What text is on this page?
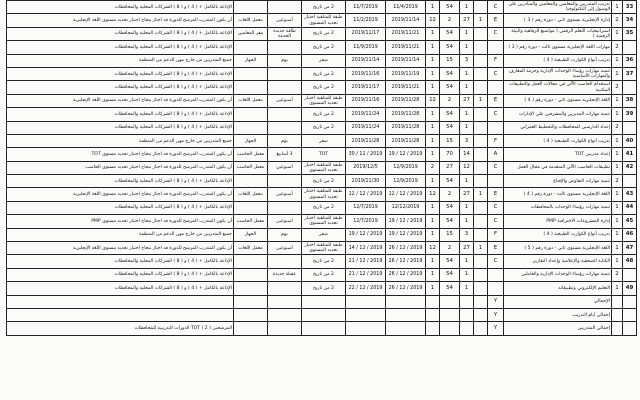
33	1	تدريب المتدربين والمعلمين والمعلمين والمبادرين على الوصول إلى التكنولوجيا	C		1	54	1	11/4/2019	11/7/2019	2 من تاريخ			الإذاعة بالكامل + ( 4 ) و ( 8 ) الشركات المحلية والمحافظات
34	2	إدارة الإنجليزية مستوى ثاني - دورة رقم ( 3 )	E	1	27	2	12	2019/11/14	11/2/2019	طبقة للمتلقية اختبار تحديد المستوى	أسبوعين	معمل اللغات	أن يكون المتدرب المرشح للدورة قد اجتاز بنجاح اختبار تحديد مستوى اللغة الإنجليزية
35	1	استراتيجيات التعلم الرقمي ( مواضيع الرفاهية والبيئة الرقمية )	C		1	54	1	2019/11/21	2019/11/17	2 من تاريخ	طاقة جديدة الخدمة	مقر المعلمين	الإذاعة بالكامل + ( 4 ) و ( 8 ) الشركات المحلية والمحافظات
	2	مهارات اللغة الإنجليزية مستوى ثالث - دورة رقم ( 3 )			1	54	1	2019/11/21	11/9/2019	2 من تاريخ			الإذاعة بالكامل + ( 4 ) و ( 8 ) الشركات المحلية والمحافظات
36	1	تدريب أنواع الكوارث الطبيعية ( 4 )	F		3	15	1	2019/11/14	2019/11/14	صفر	يوم	الجهاز	جميع المتدربين من خارج مهن الدعم من المنظمة
37	1	تنمية مهارات رؤساء الوحدات الإدارية وحزمة المعارف والمهارات الأساسية	C		1	54	1	2019/11/19	2019/11/16	2 من تاريخ			الإذاعة بالكامل + ( 4 ) و ( 8 ) الشركات المحلية والمحافظات
	2	استخدام الحاسب الآلي في مجالات العمل والتطبيقات المكتبية			1	54	1	2019/11/21	2019/11/17	2 من تاريخ			الإذاعة بالكامل + ( 4 ) و ( 8 ) الشركات المحلية والمحافظات
38	1	اللغة الإنجليزية مستوى ثاني - دورة رقم ( 4 )	E	1	27	2	12	2019/11/28	2019/11/16	طبقة للمتلقية اختبار تحديد المستوى	أسبوعين	معمل اللغات	أن يكون المتدرب المرشح للدورة قد اجتاز بنجاح اختبار تحديد مستوى اللغة الإنجليزية
39	1	تنمية مهارات المديرين والمشرفين على الإدارات	C		1	54	1	2019/11/28	2019/11/24	2 من تاريخ			الإذاعة بالكامل + ( 4 ) و ( 8 ) الشركات المحلية والمحافظات
	2	إعداد الدارسين للمحافظات والتخطيط العمراني			1	54	1	2019/11/28	2019/11/24	2 من تاريخ			الإذاعة بالكامل + ( 4 ) و ( 8 ) الشركات المحلية والمحافظات
40	1	تدريب أنواع الكوارث الطبيعية ( 4 )	F		3	15	1	2019/11/28	2019/11/28	صفر	يوم	الجهاز	جميع المتدربين من خارج مهن الدعم من المنظمة
41	1	إعداد مدربين TOT	A		14	70	1	2019 / 12 / 19	2019 / 11 / 30	TOT	3 أسابيع	معمل الحاسب	أن يكون المتدرب المرشح للدورة قد اجتاز بنجاح اختبار تحديد مستوى TOT
42	1	تطبيقات الحاسب الآلي المتقدمة في مجال العمل	C		12	27	2	12/9/2019	2019/12/5	طبقة للمتلقية اختبار تحديد المستوى	أسبوعين	معمل الحاسب	أن يكون المتدرب المرشح للدورة قد اجتاز بنجاح اختبار تحديد مستوى الحاسب
	2	تنمية مهارات التفاوض والإقناع			1	54	1	12/9/2019	2019/11/30	2 من تاريخ			الإذاعة بالكامل + ( 4 ) و ( 8 ) الشركات المحلية والمحافظات
43	1	اللغة الإنجليزية مستوى ثالث - دورة رقم ( 4 )	E	1	27	2	12	2019 / 12 / 12	2019 / 12 / 12	طبقة للمتلقية اختبار تحديد المستوى	أسبوعين	معمل اللغات	أن يكون المتدرب المرشح للدورة قد اجتاز بنجاح اختبار تحديد مستوى اللغة الإنجليزية
44	1	تنمية مهارات رؤساء الوحدات بالمحافظات	C		1	54	1	12/12/2019	12/7/2019	2 من تاريخ			الإذاعة بالكامل + ( 4 ) و ( 8 ) الشركات المحلية والمحافظات
45	1	إدارة المشروعات الاحترافية PMP	C		1	54	1	2019 / 12 / 19	12/7/2019	طبقة للمتلقية اختبار تحديد المستوى	أسبوعين	معمل الحاسب	أن يكون المتدرب المرشح للدورة قد اجتاز بنجاح اختبار تحديد مستوى PMP
46	1	تدريب أنواع الكوارث الطبيعية ( 4 )	F		3	15	1	2019 / 12 / 19	2019 / 12 / 19	صفر	يوم	الجهاز	جميع المتدربين من خارج مهن الدعم من المنظمة
47	1	اللغة الإنجليزية مستوى ثاني - دورة رقم ( 5 )	E	1	27	2	12	2019 / 12 / 26	2019 / 12 / 14	طبقة للمتلقية اختبار تحديد المستوى	أسبوعين	معمل اللغات	أن يكون المتدرب المرشح للدورة قد اجتاز بنجاح اختبار تحديد مستوى اللغة الإنجليزية
48	1	الكتابة الصحفية والإعلامية وإعداد التقارير	C		1	54	1	2019 / 12 / 26	2019 / 12 / 21	2 من تاريخ			الإذاعة بالكامل + ( 4 ) و ( 8 ) الشركات المحلية والمحافظات
	2	تنمية مهارات رؤساء الوحدات الإدارية والعاملين			1	54	1	2019 / 12 / 26	2019 / 12 / 21	2 من تاريخ	عقيلة جديدة		الإذاعة بالكامل + ( 4 ) و ( 8 ) الشركات المحلية والمحافظات
49	1	التعليم الإلكتروني وتطبيقاته			1	54	1	2019 / 12 / 26	2019 / 12 / 22	2 من تاريخ			الإذاعة بالكامل + ( 4 ) و ( 8 ) الشركات المحلية والمحافظات
		الإجمالي	Y										
		إجمالي أيام التدريب	Y										
		إجمالي المتدربين	Y										المرشحين ( 2 ) TOT الدورات التدريبية للمحافظات
